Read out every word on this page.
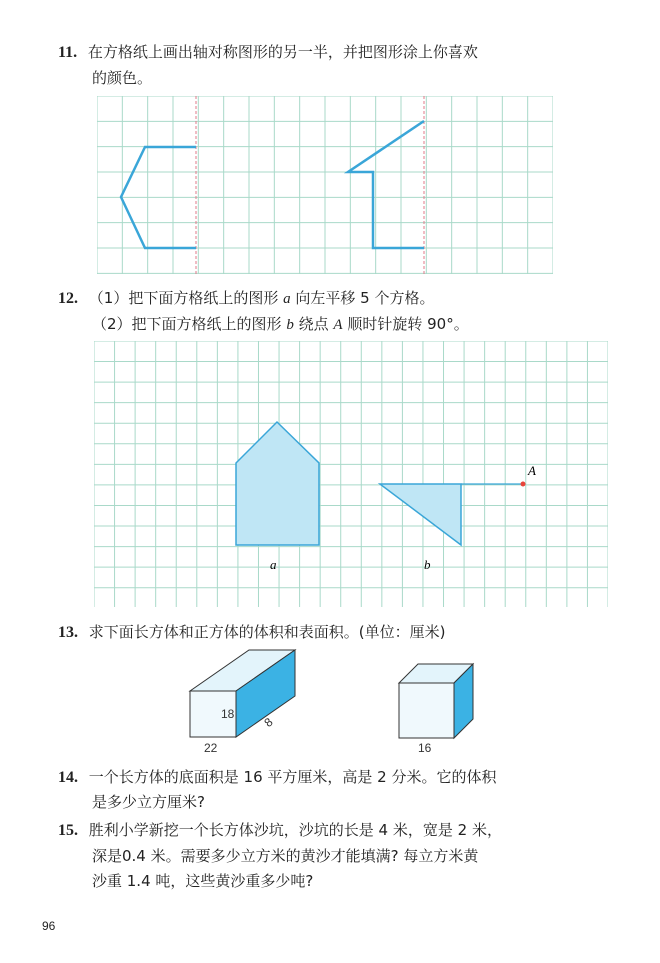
11. 在方格纸上画出轴对称图形的另一半，并把图形涂上你喜欢
的颜色。
12. （1）把下面方格纸上的图形 a 向左平移 5 个方格。
（2）把下面方格纸上的图形 b 绕点 A 顺时针旋转 90°。
a
A
b
13. 求下面长方体和正方体的体积和表面积。(单位：厘米)
18
8
22	16
14. 一个长方体的底面积是 16 平方厘米，高是 2 分米。它的体积
是多少立方厘米?
15. 胜利小学新挖一个长方体沙坑，沙坑的长是 4 米，宽是 2 米，
深是0.4 米。需要多少立方米的黄沙才能填满? 每立方米黄
沙重 1.4 吨，这些黄沙重多少吨?
96
